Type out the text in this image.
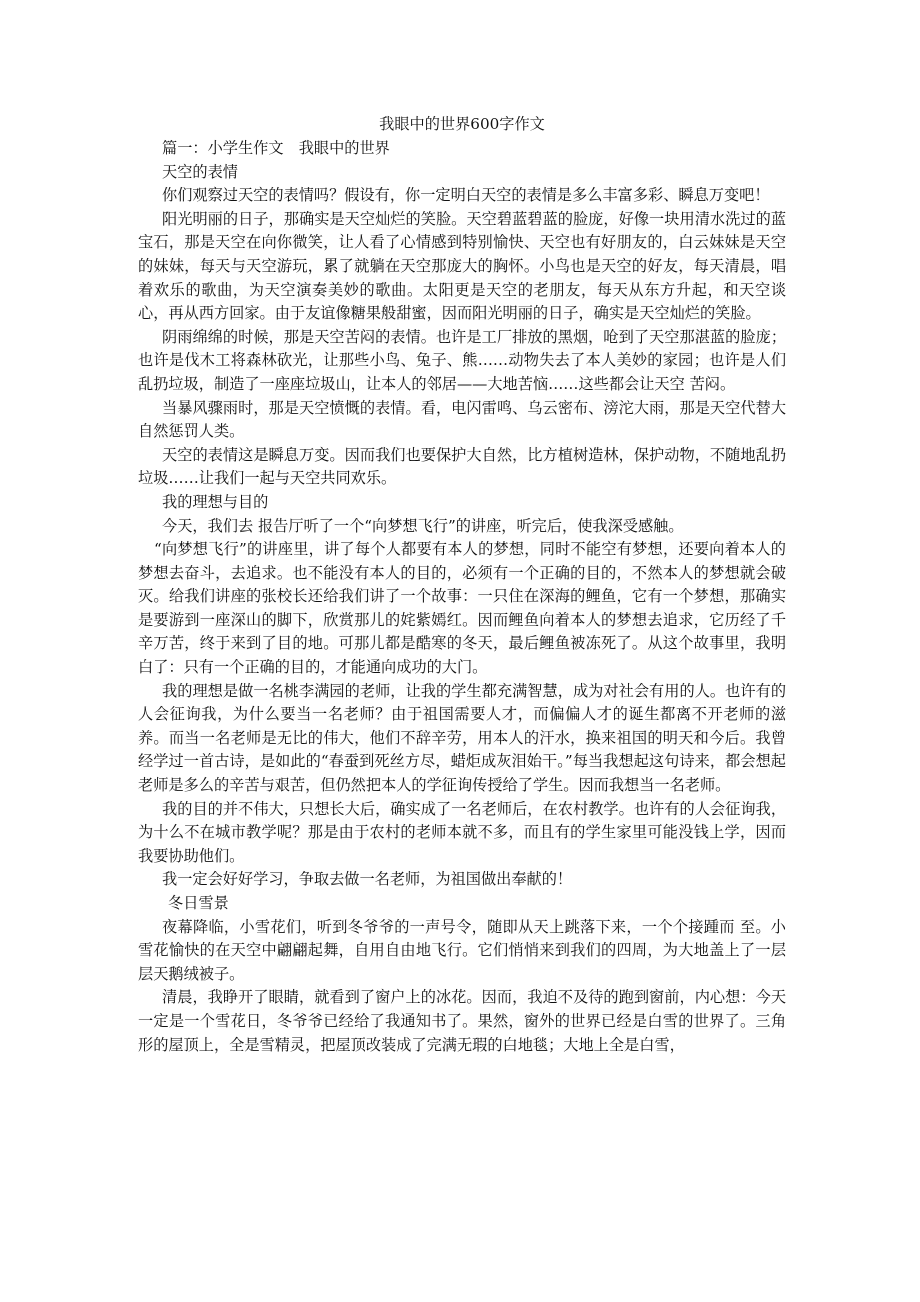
我眼中的世界600字作文
篇一：小学生作文　我眼中的世界
天空的表情
你们观察过天空的表情吗？假设有，你一定明白天空的表情是多么丰富多彩、瞬息万变吧！
阳光明丽的日子，那确实是天空灿烂的笑脸。天空碧蓝碧蓝的脸庞，好像一块用清水洗过的蓝宝石，那是天空在向你微笑，让人看了心情感到特别愉快、天空也有好朋友的，白云妹妹是天空的妹妹，每天与天空游玩，累了就躺在天空那庞大的胸怀。小鸟也是天空的好友，每天清晨，唱着欢乐的歌曲，为天空演奏美妙的歌曲。太阳更是天空的老朋友，每天从东方升起，和天空谈心，再从西方回家。由于友谊像糖果般甜蜜，因而阳光明丽的日子，确实是天空灿烂的笑脸。
阴雨绵绵的时候，那是天空苦闷的表情。也许是工厂排放的黑烟，呛到了天空那湛蓝的脸庞；也许是伐木工将森林砍光，让那些小鸟、兔子、熊……动物失去了本人美妙的家园；也许是人们乱扔垃圾，制造了一座座垃圾山，让本人的邻居——大地苦恼……这些都会让天空 苦闷。
当暴风骤雨时，那是天空愤慨的表情。看，电闪雷鸣、乌云密布、滂沱大雨，那是天空代替大自然惩罚人类。
天空的表情这是瞬息万变。因而我们也要保护大自然，比方植树造林，保护动物，不随地乱扔垃圾……让我们一起与天空共同欢乐。
我的理想与目的
今天，我们去 报告厅听了一个“向梦想飞行”的讲座，听完后，使我深受感触。
“向梦想飞行”的讲座里，讲了每个人都要有本人的梦想，同时不能空有梦想，还要向着本人的梦想去奋斗，去追求。也不能没有本人的目的，必须有一个正确的目的，不然本人的梦想就会破灭。给我们讲座的张校长还给我们讲了一个故事：一只住在深海的鲤鱼，它有一个梦想，那确实是要游到一座深山的脚下，欣赏那儿的姹紫嫣红。因而鲤鱼向着本人的梦想去追求，它历经了千辛万苦，终于来到了目的地。可那儿都是酷寒的冬天，最后鲤鱼被冻死了。从这个故事里，我明白了：只有一个正确的目的，才能通向成功的大门。
我的理想是做一名桃李满园的老师，让我的学生都充满智慧，成为对社会有用的人。也许有的人会征询我，为什么要当一名老师？由于祖国需要人才，而偏偏人才的诞生都离不开老师的滋养。而当一名老师是无比的伟大，他们不辞辛劳，用本人的汗水，换来祖国的明天和今后。我曾经学过一首古诗，是如此的“春蚕到死丝方尽，蜡炬成灰泪始干。”每当我想起这句诗来，都会想起老师是多么的辛苦与艰苦，但仍然把本人的学征询传授给了学生。因而我想当一名老师。
我的目的并不伟大，只想长大后，确实成了一名老师后，在农村教学。也许有的人会征询我，为十么不在城市教学呢？那是由于农村的老师本就不多，而且有的学生家里可能没钱上学，因而我要协助他们。
我一定会好好学习，争取去做一名老师，为祖国做出奉献的！
冬日雪景
夜幕降临，小雪花们，听到冬爷爷的一声号令，随即从天上跳落下来，一个个接踵而 至。小雪花愉快的在天空中翩翩起舞，自用自由地飞行。它们悄悄来到我们的四周，为大地盖上了一层层天鹅绒被子。
清晨，我睁开了眼睛，就看到了窗户上的冰花。因而，我迫不及待的跑到窗前，内心想：今天一定是一个雪花日，冬爷爷已经给了我通知书了。果然，窗外的世界已经是白雪的世界了。三角形的屋顶上，全是雪精灵，把屋顶改装成了完满无瑕的白地毯；大地上全是白雪，
